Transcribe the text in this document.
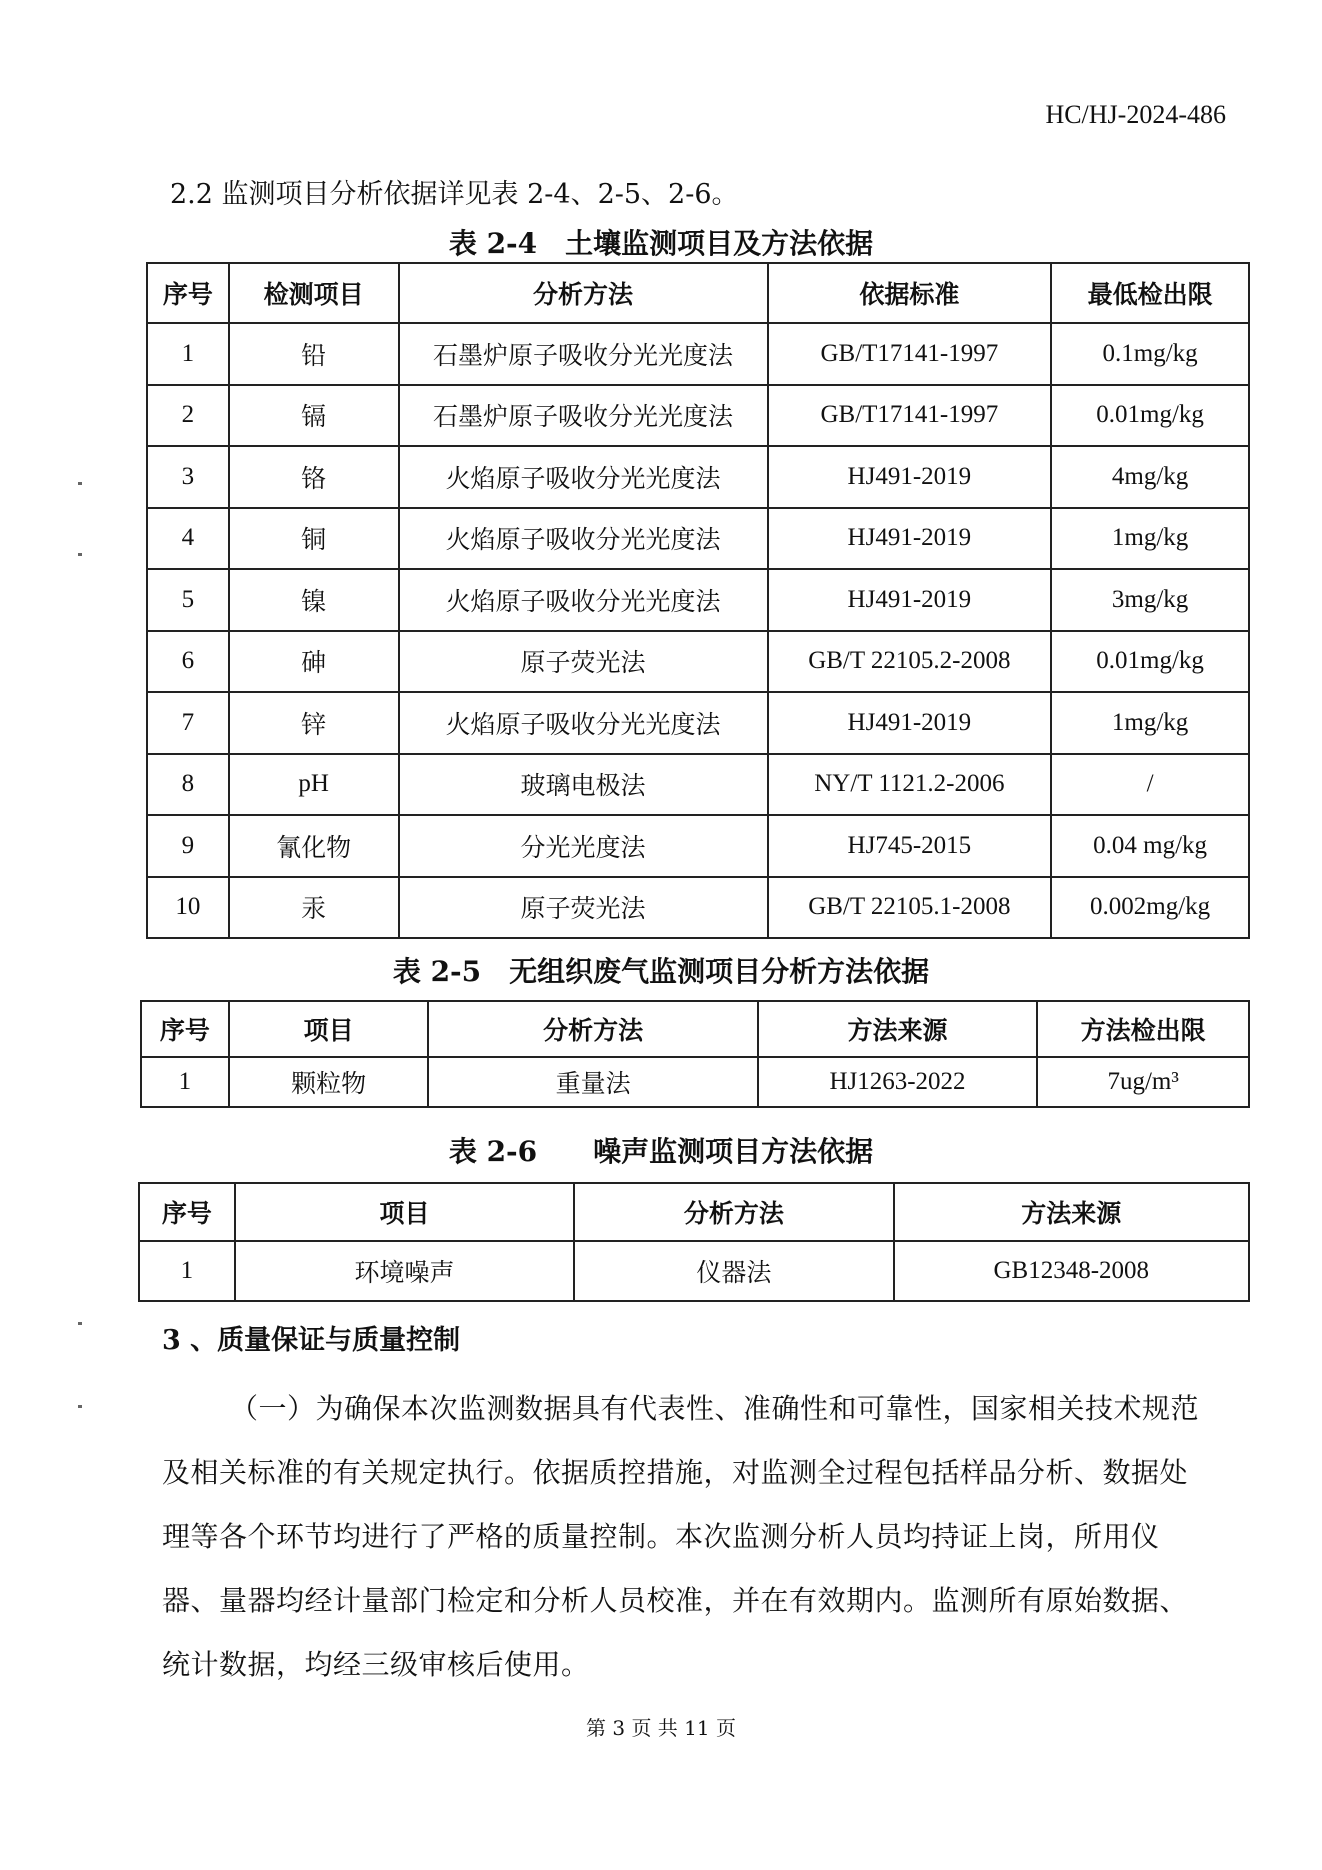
HC/HJ-2024-486
2.2 监测项目分析依据详见表 2-4、2-5、2-6。
表 2-4　土壤监测项目及方法依据
序号	检测项目	分析方法	依据标准	最低检出限
1	铅	石墨炉原子吸收分光光度法	GB/T17141-1997	0.1mg/kg
2	镉	石墨炉原子吸收分光光度法	GB/T17141-1997	0.01mg/kg
3	铬	火焰原子吸收分光光度法	HJ491-2019	4mg/kg
4	铜	火焰原子吸收分光光度法	HJ491-2019	1mg/kg
5	镍	火焰原子吸收分光光度法	HJ491-2019	3mg/kg
6	砷	原子荧光法	GB/T 22105.2-2008	0.01mg/kg
7	锌	火焰原子吸收分光光度法	HJ491-2019	1mg/kg
8	pH	玻璃电极法	NY/T 1121.2-2006	/
9	氰化物	分光光度法	HJ745-2015	0.04 mg/kg
10	汞	原子荧光法	GB/T 22105.1-2008	0.002mg/kg
表 2-5　无组织废气监测项目分析方法依据
序号	项目	分析方法	方法来源	方法检出限
1	颗粒物	重量法	HJ1263-2022	7ug/m³
表 2-6　　噪声监测项目方法依据
序号	项目	分析方法	方法来源
1	环境噪声	仪器法	GB12348-2008
3 、质量保证与质量控制
（一）为确保本次监测数据具有代表性、准确性和可靠性，国家相关技术规范及相关标准的有关规定执行。依据质控措施，对监测全过程包括样品分析、数据处理等各个环节均进行了严格的质量控制。本次监测分析人员均持证上岗，所用仪器、量器均经计量部门检定和分析人员校准，并在有效期内。监测所有原始数据、统计数据，均经三级审核后使用。
第 3 页 共 11 页
